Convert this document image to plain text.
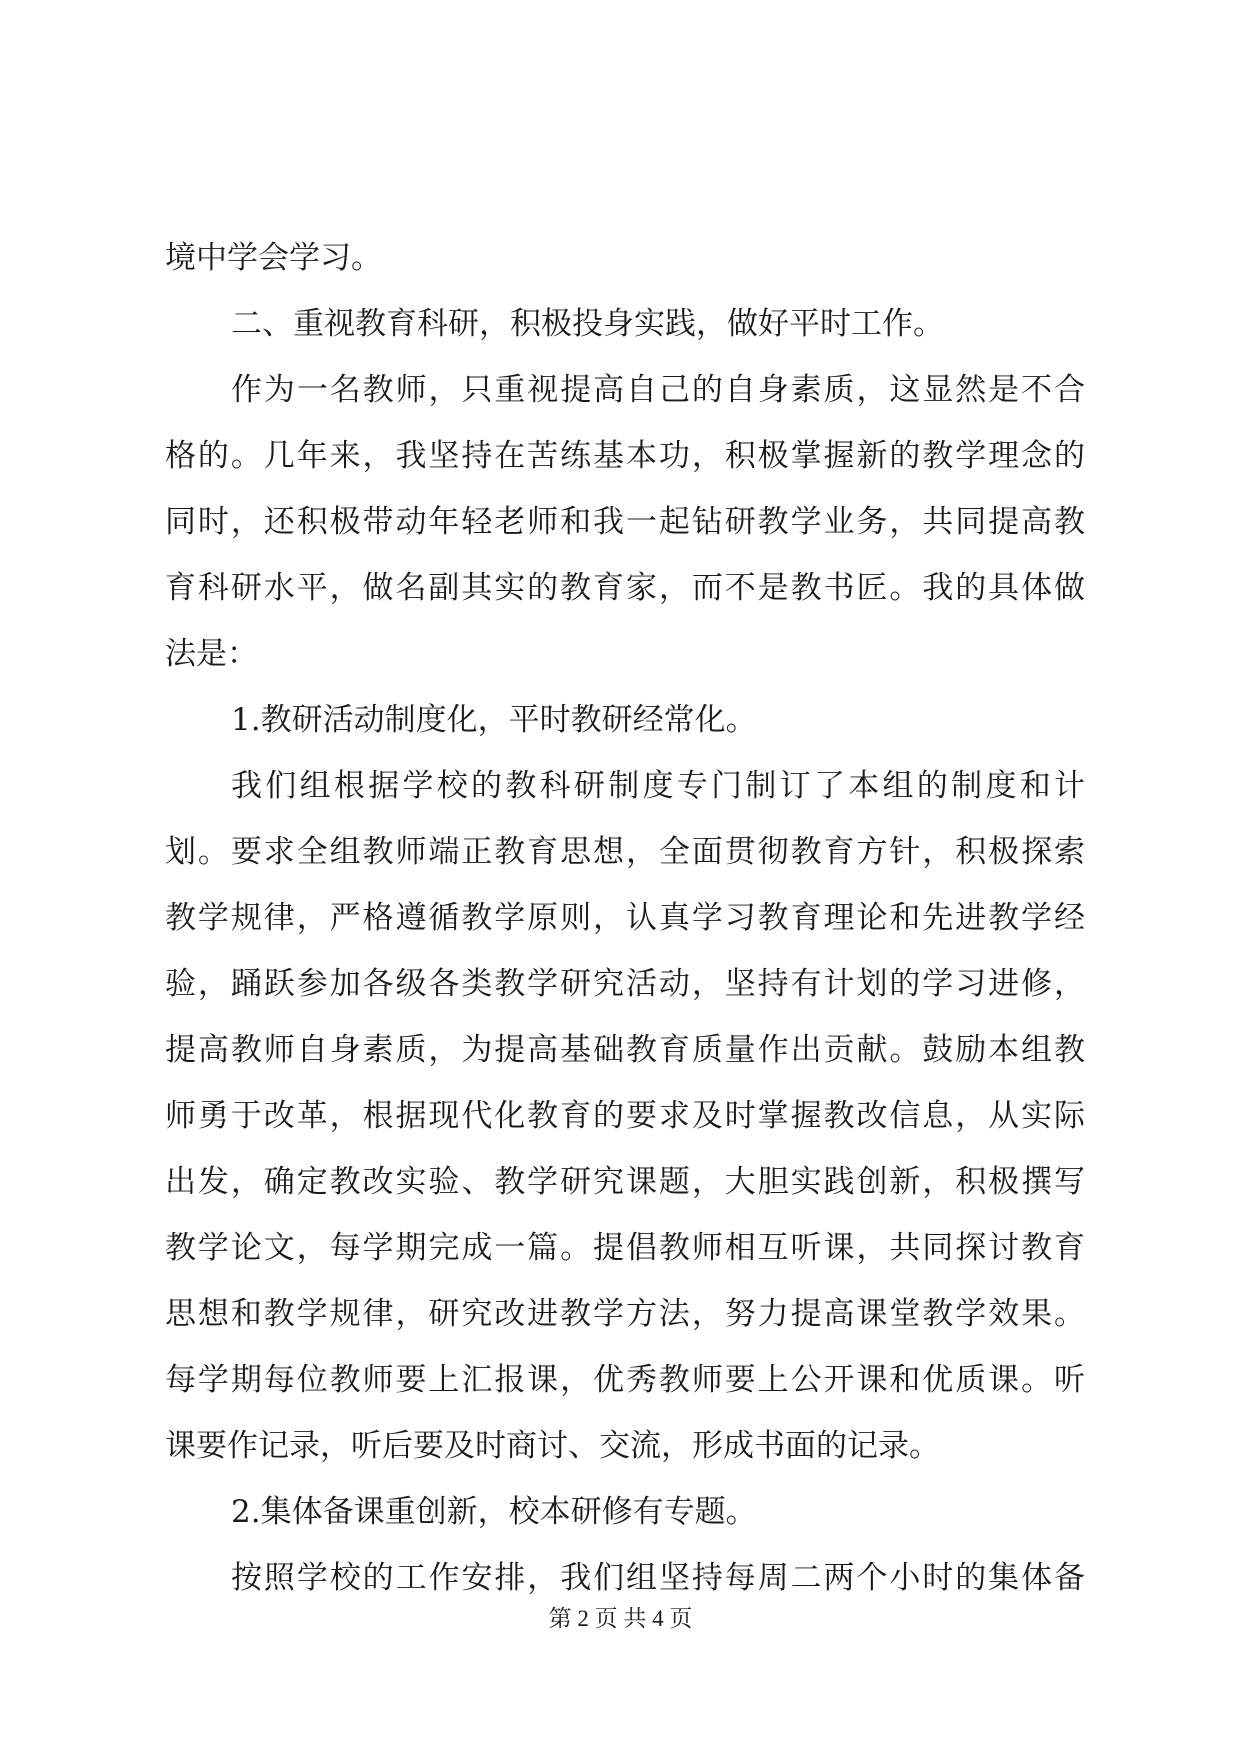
境中学会学习。
二、重视教育科研，积极投身实践，做好平时工作。
作为一名教师，只重视提高自己的自身素质，这显然是不合
格的。几年来，我坚持在苦练基本功，积极掌握新的教学理念的
同时，还积极带动年轻老师和我一起钻研教学业务，共同提高教
育科研水平，做名副其实的教育家，而不是教书匠。我的具体做
法是：
1.教研活动制度化，平时教研经常化。
我们组根据学校的教科研制度专门制订了本组的制度和计
划。要求全组教师端正教育思想，全面贯彻教育方针，积极探索
教学规律，严格遵循教学原则，认真学习教育理论和先进教学经
验，踊跃参加各级各类教学研究活动，坚持有计划的学习进修，
提高教师自身素质，为提高基础教育质量作出贡献。鼓励本组教
师勇于改革，根据现代化教育的要求及时掌握教改信息，从实际
出发，确定教改实验、教学研究课题，大胆实践创新，积极撰写
教学论文，每学期完成一篇。提倡教师相互听课，共同探讨教育
思想和教学规律，研究改进教学方法，努力提高课堂教学效果。
每学期每位教师要上汇报课，优秀教师要上公开课和优质课。听
课要作记录，听后要及时商讨、交流，形成书面的记录。
2.集体备课重创新，校本研修有专题。
按照学校的工作安排，我们组坚持每周二两个小时的集体备
第 2 页 共 4 页
